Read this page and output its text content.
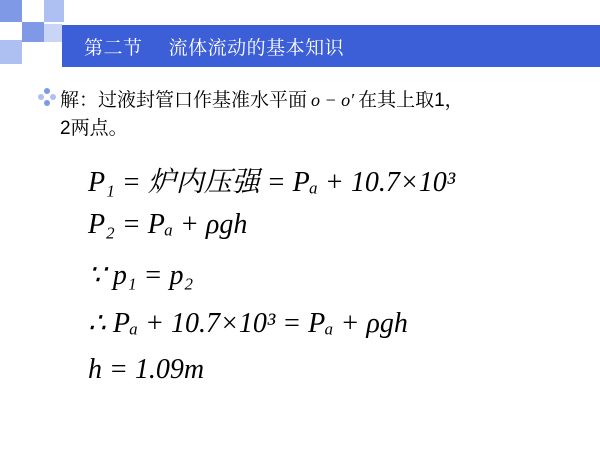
第二节    流体流动的基本知识
解：过液封管口作基准水平面 o − o′ 在其上取1，
2两点。
P₁ = 炉内压强 = Pₐ + 10.7×10³
P₂ = Pₐ + ρgh
∵ p₁ = p₂
∴ Pₐ + 10.7×10³ = Pₐ + ρgh
h = 1.09m
